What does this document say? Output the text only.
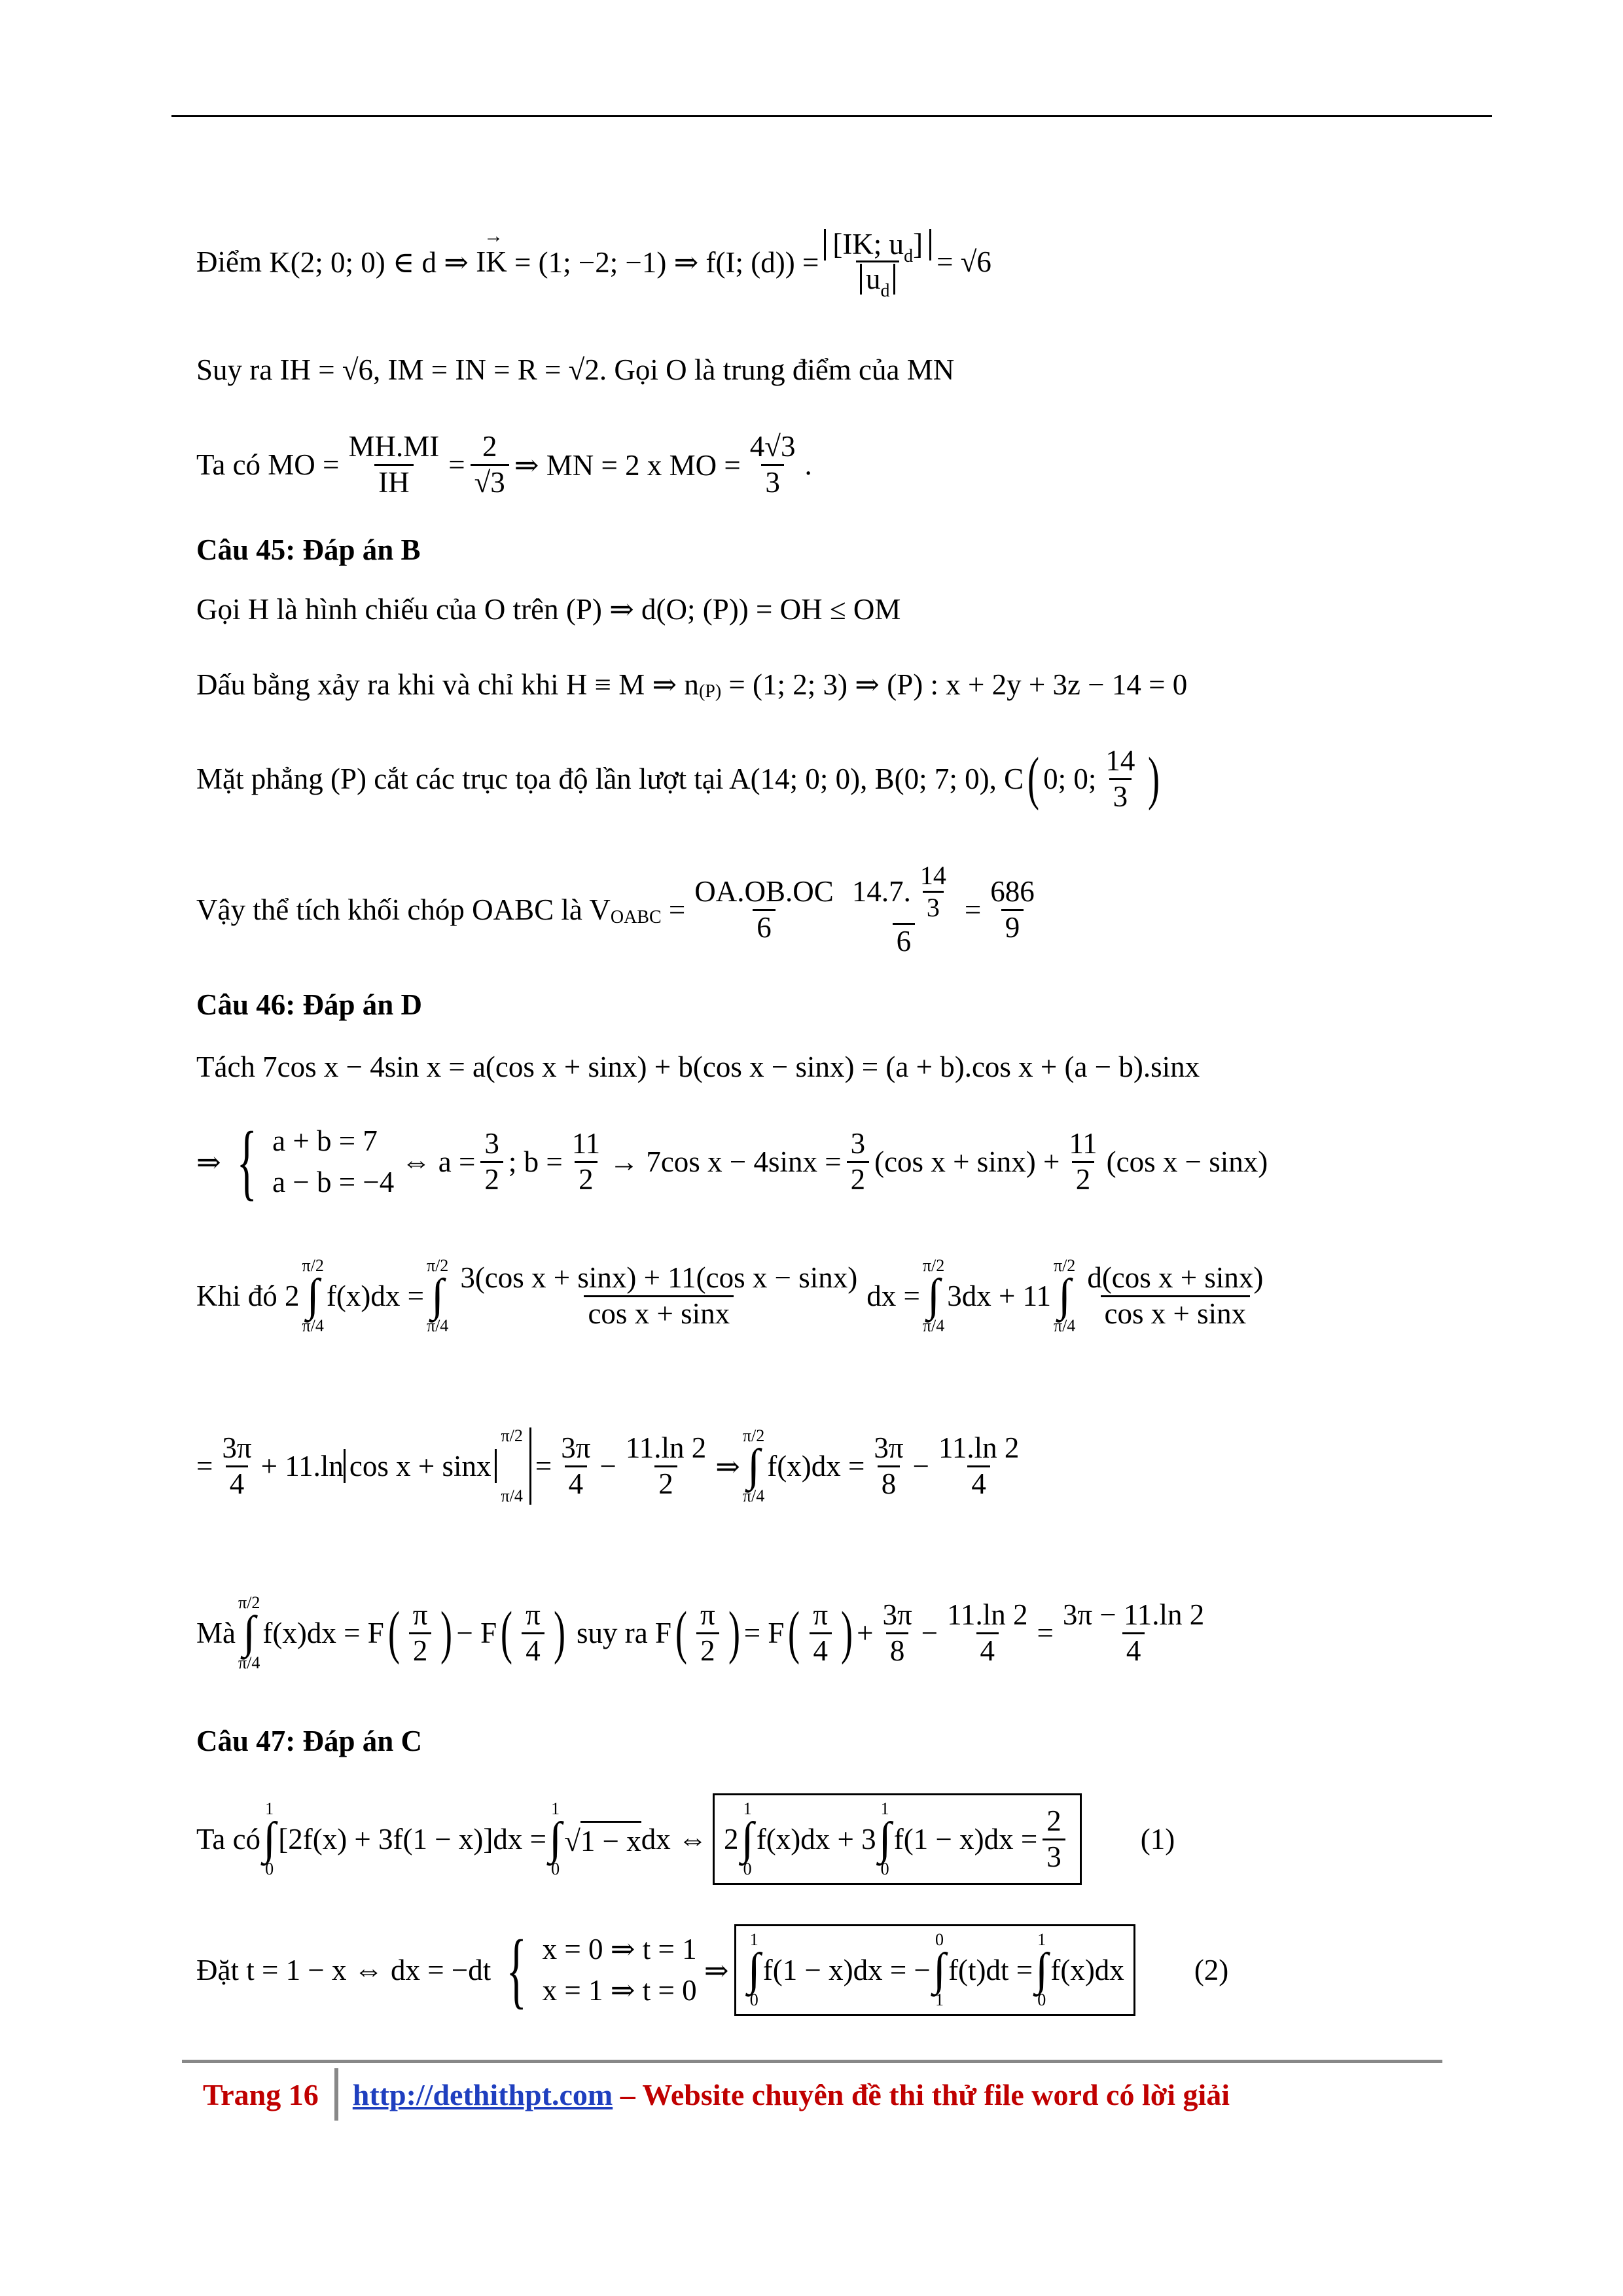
Điểm
K(2; 0; 0) ∈ d ⇒
IK →
= (1; −2; −1) ⇒ f(I; $(d)) = \frac{[IK; u_d]}{u_d} = √6$
Suy ra IH = √6, IM = IN = R = √2. Gọi O là trung điểm của MN
Ta có MO = $\frac{MH.MI}{IH} = \frac{2}{√3}$ ⇒ MN = 2 x MO = $\frac{4√3}{3}$ .
Câu 45: Đáp án B
Gọi H là hình chiếu của O trên (P) ⇒ d(O; (P)) = OH ≤ OM
Dấu bằng xảy ra khi và chỉ khi H ≡ M ⇒ n (P)
= (1; 2; 3) ⇒ (P) : x + 2y + 3z − 14 = 0
Mặt phẳng (P) cắt các trục tọa độ lần lượt tại A(14; 0; 0), B(0; 7; 0), C ( 0; 0; $\frac{14}{3}$ )
Vậy thể tích khối chóp OABC là V OABC
= $\frac{OA.OB.OC}{6} \frac{14.7. \frac{14}{3}}{6} = \frac{686}{9}$
Câu 46: Đáp án D
Tách 7cos x − 4sin x = a(cos x + sinx) + b(cos x − sinx) = (a + b).cos x + (a − b).sinx
⇒ { a + b = 7
a − b = −4

⇔ $a = \frac{3}{2}$ ; $b = \frac{11}{2} \to 7\cos$ $x - 4\sin x = \frac{3}{2} (\cos$ $x + \sin x) + \frac{11}{2} (\cos$ x − sinx)
Khi đó 2
π/2
∫
π/4
f(x)dx =
π/2
∫
$\pi/4 \frac{\text{3(cos x + sinx) + 11(cos x − sinx)}}{\text{cos x + sinx}}$ dx =
π/2
∫
π/4
3dx + 11
π/2
∫
$\pi/4 \frac{\text{d(cos x + sinx)}}{\text{cos x + sinx}}$
= $\frac{3\pi}{4} + 11.\ln$ cos x + sinx
π/2
π/4
= $\frac{3\pi}{4} - \frac{11.\ln 2}{2}$ ⇒
π/2
∫
π/4
$f(x)dx = \frac{3\pi}{8} - \frac{11.\ln 2}{4}$
Mà
π/2
∫
π/4
f(x)dx = F ( $\frac{\pi}{2}$ ) − F ( $\frac{\pi}{4}$ )
suy ra F ( $\frac{\pi}{2}$ ) = F ( $\frac{\pi}{4}$ ) + $\frac{3\pi}{8} - \frac{11.\ln 2}{4} = \frac{3\pi - 11.\ln 2}{4}$
Câu 47: Đáp án C
Ta có
1
∫
0
[2f(x) + 3f(1 − x)]dx =
1
∫
0
√1 − x dx ⇔ 2
1
∫
0
f(x)dx + 3
1
∫
0
$f(1 - x)dx = \frac{2}{3}$	(1)
Đặt t = 1 − x ⇔ dx = −dt { x = 0 ⇒ t = 1
x = 1 ⇒ t = 0

⇒
1
∫
0
f(1 − x)dx = −
0
∫
1
f(t)dt =
1
∫
0
f(x)dx (2)
Trang 16 http://dethithpt.com
– Website chuyên đề thi thử file word có lời giải
